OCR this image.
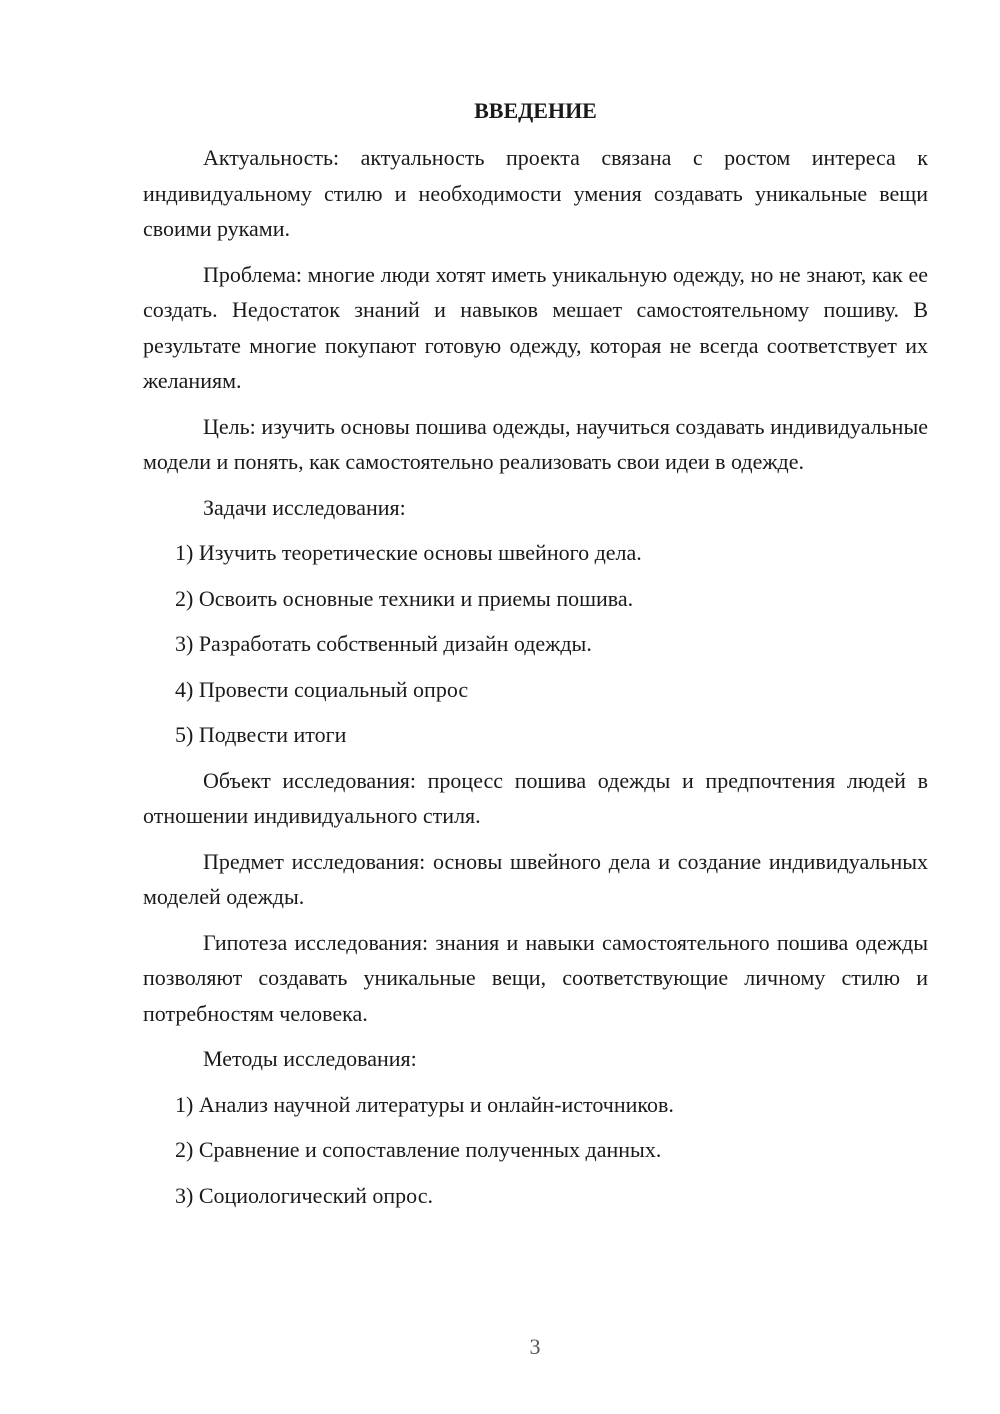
ВВЕДЕНИЕ

Актуальность: актуальность проекта связана с ростом интереса к индивидуальному стилю и необходимости умения создавать уникальные вещи своими руками.

Проблема: многие люди хотят иметь уникальную одежду, но не знают, как ее создать. Недостаток знаний и навыков мешает самостоятельному пошиву. В результате многие покупают готовую одежду, которая не всегда соответствует их желаниям.

Цель: изучить основы пошива одежды, научиться создавать индивидуальные модели и понять, как самостоятельно реализовать свои идеи в одежде.

Задачи исследования:

1) Изучить теоретические основы швейного дела.
2) Освоить основные техники и приемы пошива.
3) Разработать собственный дизайн одежды.
4) Провести социальный опрос
5) Подвести итоги

Объект исследования: процесс пошива одежды и предпочтения людей в отношении индивидуального стиля.

Предмет исследования: основы швейного дела и создание индивидуальных моделей одежды.

Гипотеза исследования: знания и навыки самостоятельного пошива одежды позволяют создавать уникальные вещи, соответствующие личному стилю и потребностям человека.

Методы исследования:

1) Анализ научной литературы и онлайн-источников.
2) Сравнение и сопоставление полученных данных.
3) Социологический опрос.
3
